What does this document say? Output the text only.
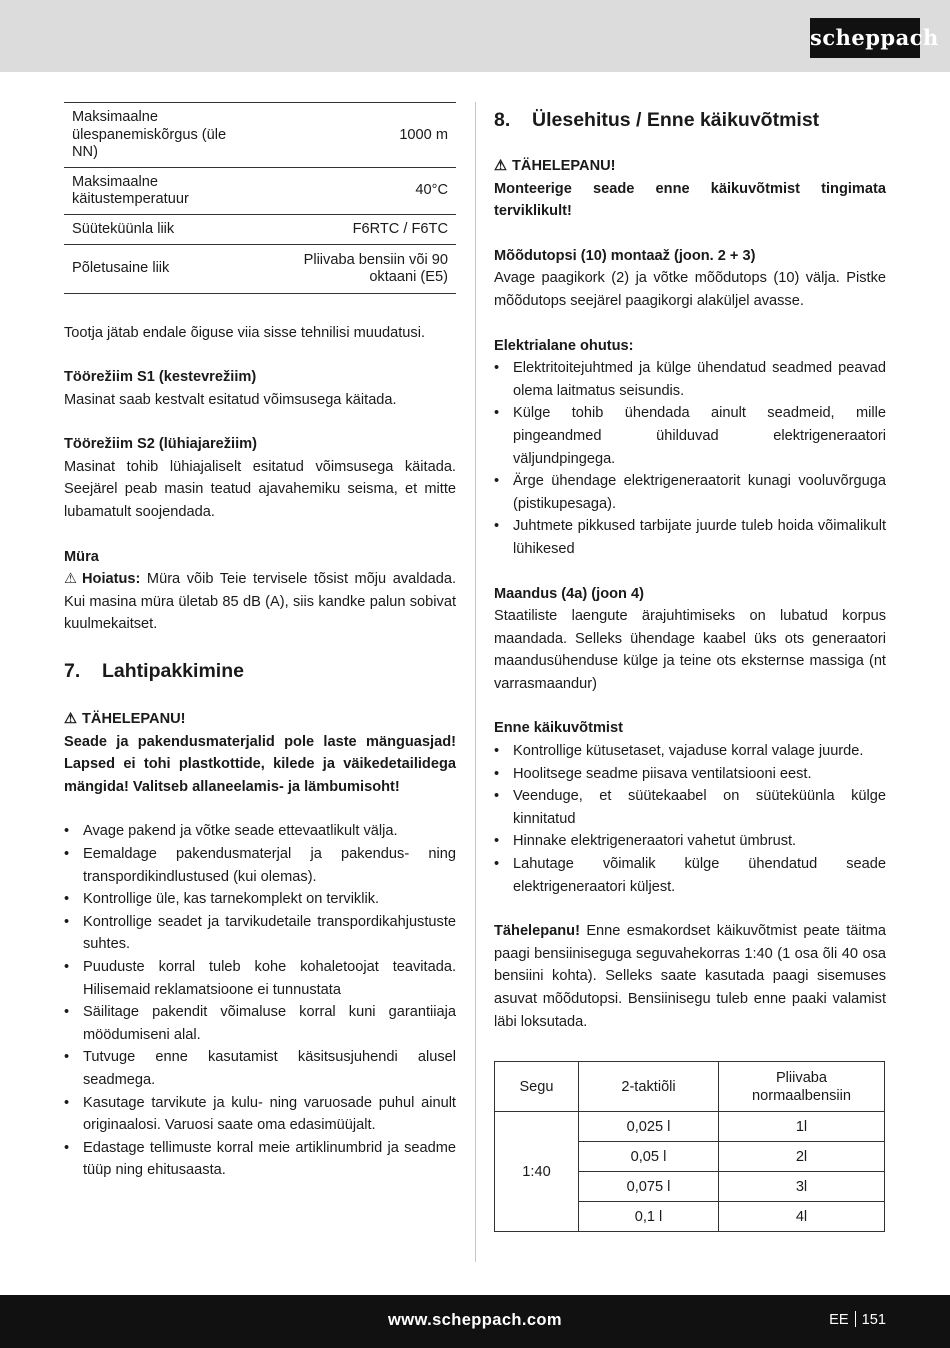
scheppach
Maksimaalne ülespanemiskõrgus (üle NN)	1000 m
Maksimaalne käitustemperatuur	40°C
Süüteküünla liik	F6RTC / F6TC
Põletusaine liik	Pliivaba bensiin või 90 oktaani (E5)

Tootja jätab endale õiguse viia sisse tehnilisi muudatusi.

Töörežiim S1 (kestevrežiim)

Masinat saab kestvalt esitatud võimsusega käitada.

Töörežiim S2 (lühiajarežiim)

Masinat tohib lühiajaliselt esitatud võimsusega käitada. Seejärel peab masin teatud ajavahemiku seisma, et mitte lubamatult soojendada.

Müra

⚠ Hoiatus: Müra võib Teie tervisele tõsist mõju avaldada. Kui masina müra ületab 85 dB (A), siis kandke palun sobivat kuulmekaitset.

7.	Lahtipakkimine

⚠ TÄHELEPANU!

Seade ja pakendusmaterjalid pole laste mänguasjad! Lapsed ei tohi plastkottide, kilede ja väikedetailidega mängida! Valitseb allaneelamis- ja lämbumisoht!

• Avage pakend ja võtke seade ettevaatlikult välja.
• Eemaldage pakendusmaterjal ja pakendus- ning transpordikindlustused (kui olemas).
• Kontrollige üle, kas tarnekomplekt on terviklik.
• Kontrollige seadet ja tarvikudetaile transpordikahjustuste suhtes.
• Puuduste korral tuleb kohe kohaletoojat teavitada. Hilisemaid reklamatsioone ei tunnustata
• Säilitage pakendit võimaluse korral kuni garantiiaja möödumiseni alal.
• Tutvuge enne kasutamist käsitsusjuhendi alusel seadmega.
• Kasutage tarvikute ja kulu- ning varuosade puhul ainult originaalosi. Varuosi saate oma edasimüüjalt.
• Edastage tellimuste korral meie artiklinumbrid ja seadme tüüp ning ehitusaasta.
8.	Ülesehitus / Enne käikuvõtmist

⚠ TÄHELEPANU!

Monteerige seade enne käikuvõtmist tingimata terviklikult!

Mõõdutopsi (10) montaaž (joon. 2 + 3)

Avage paagikork (2) ja võtke mõõdutops (10) välja. Pistke mõõdutops seejärel paagikorgi alaküljel avasse.

Elektrialane ohutus:

• Elektritoitejuhtmed ja külge ühendatud seadmed peavad olema laitmatus seisundis.
• Külge tohib ühendada ainult seadmeid, mille pingeandmed ühilduvad elektrigeneraatori väljundpingega.
• Ärge ühendage elektrigeneraatorit kunagi vooluvõrguga (pistikupesaga).
• Juhtmete pikkused tarbijate juurde tuleb hoida võimalikult lühikesed

Maandus (4a) (joon 4)

Staatiliste laengute ärajuhtimiseks on lubatud korpus maandada. Selleks ühendage kaabel üks ots generaatori maandusühenduse külge ja teine ots eksternse massiga (nt varrasmaandur)

Enne käikuvõtmist

• Kontrollige kütusetaset, vajaduse korral valage juurde.
• Hoolitsege seadme piisava ventilatsiooni eest.
• Veenduge, et süütekaabel on süüteküünla külge kinnitatud
• Hinnake elektrigeneraatori vahetut ümbrust.
• Lahutage võimalik külge ühendatud seade elektrigeneraatori küljest.

Tähelepanu! Enne esmakordset käikuvõtmist peate täitma paagi bensiiniseguga seguvahekorras 1:40 (1 osa õli 40 osa bensiini kohta). Selleks saate kasutada paagi sisemuses asuvat mõõdutopsi. Bensiinisegu tuleb enne paaki valamist läbi loksutada.

Segu	2-taktiõli	Pliivaba normaalbensiin
1:40	0,025 l	1l
	0,05 l	2l
	0,075 l	3l
	0,1 l	4l
www.scheppach.com	EE 151
